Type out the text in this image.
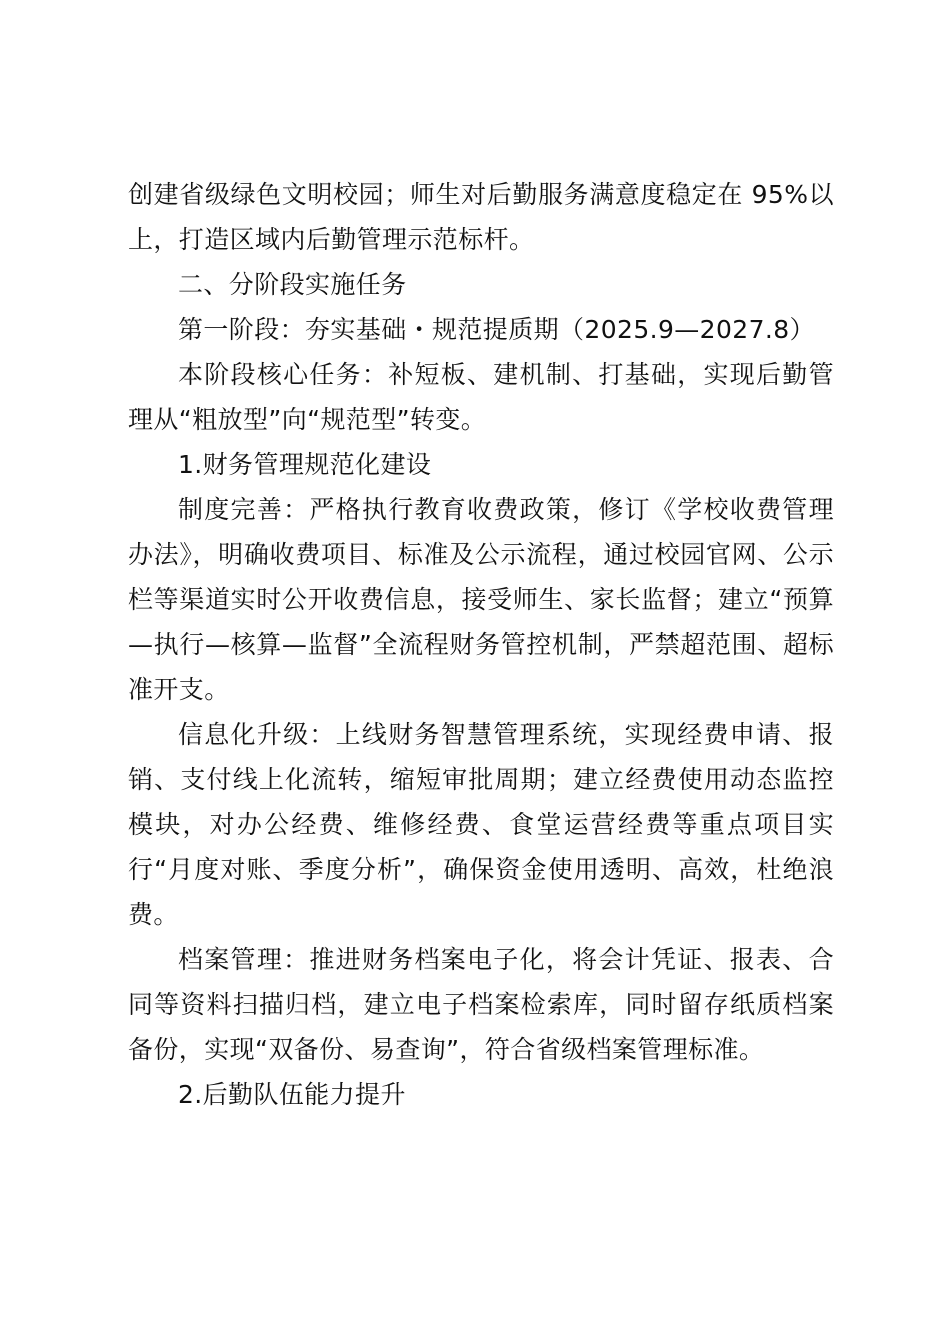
创建省级绿色文明校园；师生对后勤服务满意度稳定在 95%以上，打造区域内后勤管理示范标杆。

二、分阶段实施任务

第一阶段：夯实基础・规范提质期（2025.9—2027.8）

本阶段核心任务：补短板、建机制、打基础，实现后勤管理从“粗放型”向“规范型”转变。

1.财务管理规范化建设

制度完善：严格执行教育收费政策，修订《学校收费管理办法》，明确收费项目、标准及公示流程，通过校园官网、公示栏等渠道实时公开收费信息，接受师生、家长监督；建立“预算—执行—核算—监督”全流程财务管控机制，严禁超范围、超标准开支。

信息化升级：上线财务智慧管理系统，实现经费申请、报销、支付线上化流转，缩短审批周期；建立经费使用动态监控模块，对办公经费、维修经费、食堂运营经费等重点项目实行“月度对账、季度分析”，确保资金使用透明、高效，杜绝浪费。

档案管理：推进财务档案电子化，将会计凭证、报表、合同等资料扫描归档，建立电子档案检索库，同时留存纸质档案备份，实现“双备份、易查询”，符合省级档案管理标准。

2.后勤队伍能力提升
